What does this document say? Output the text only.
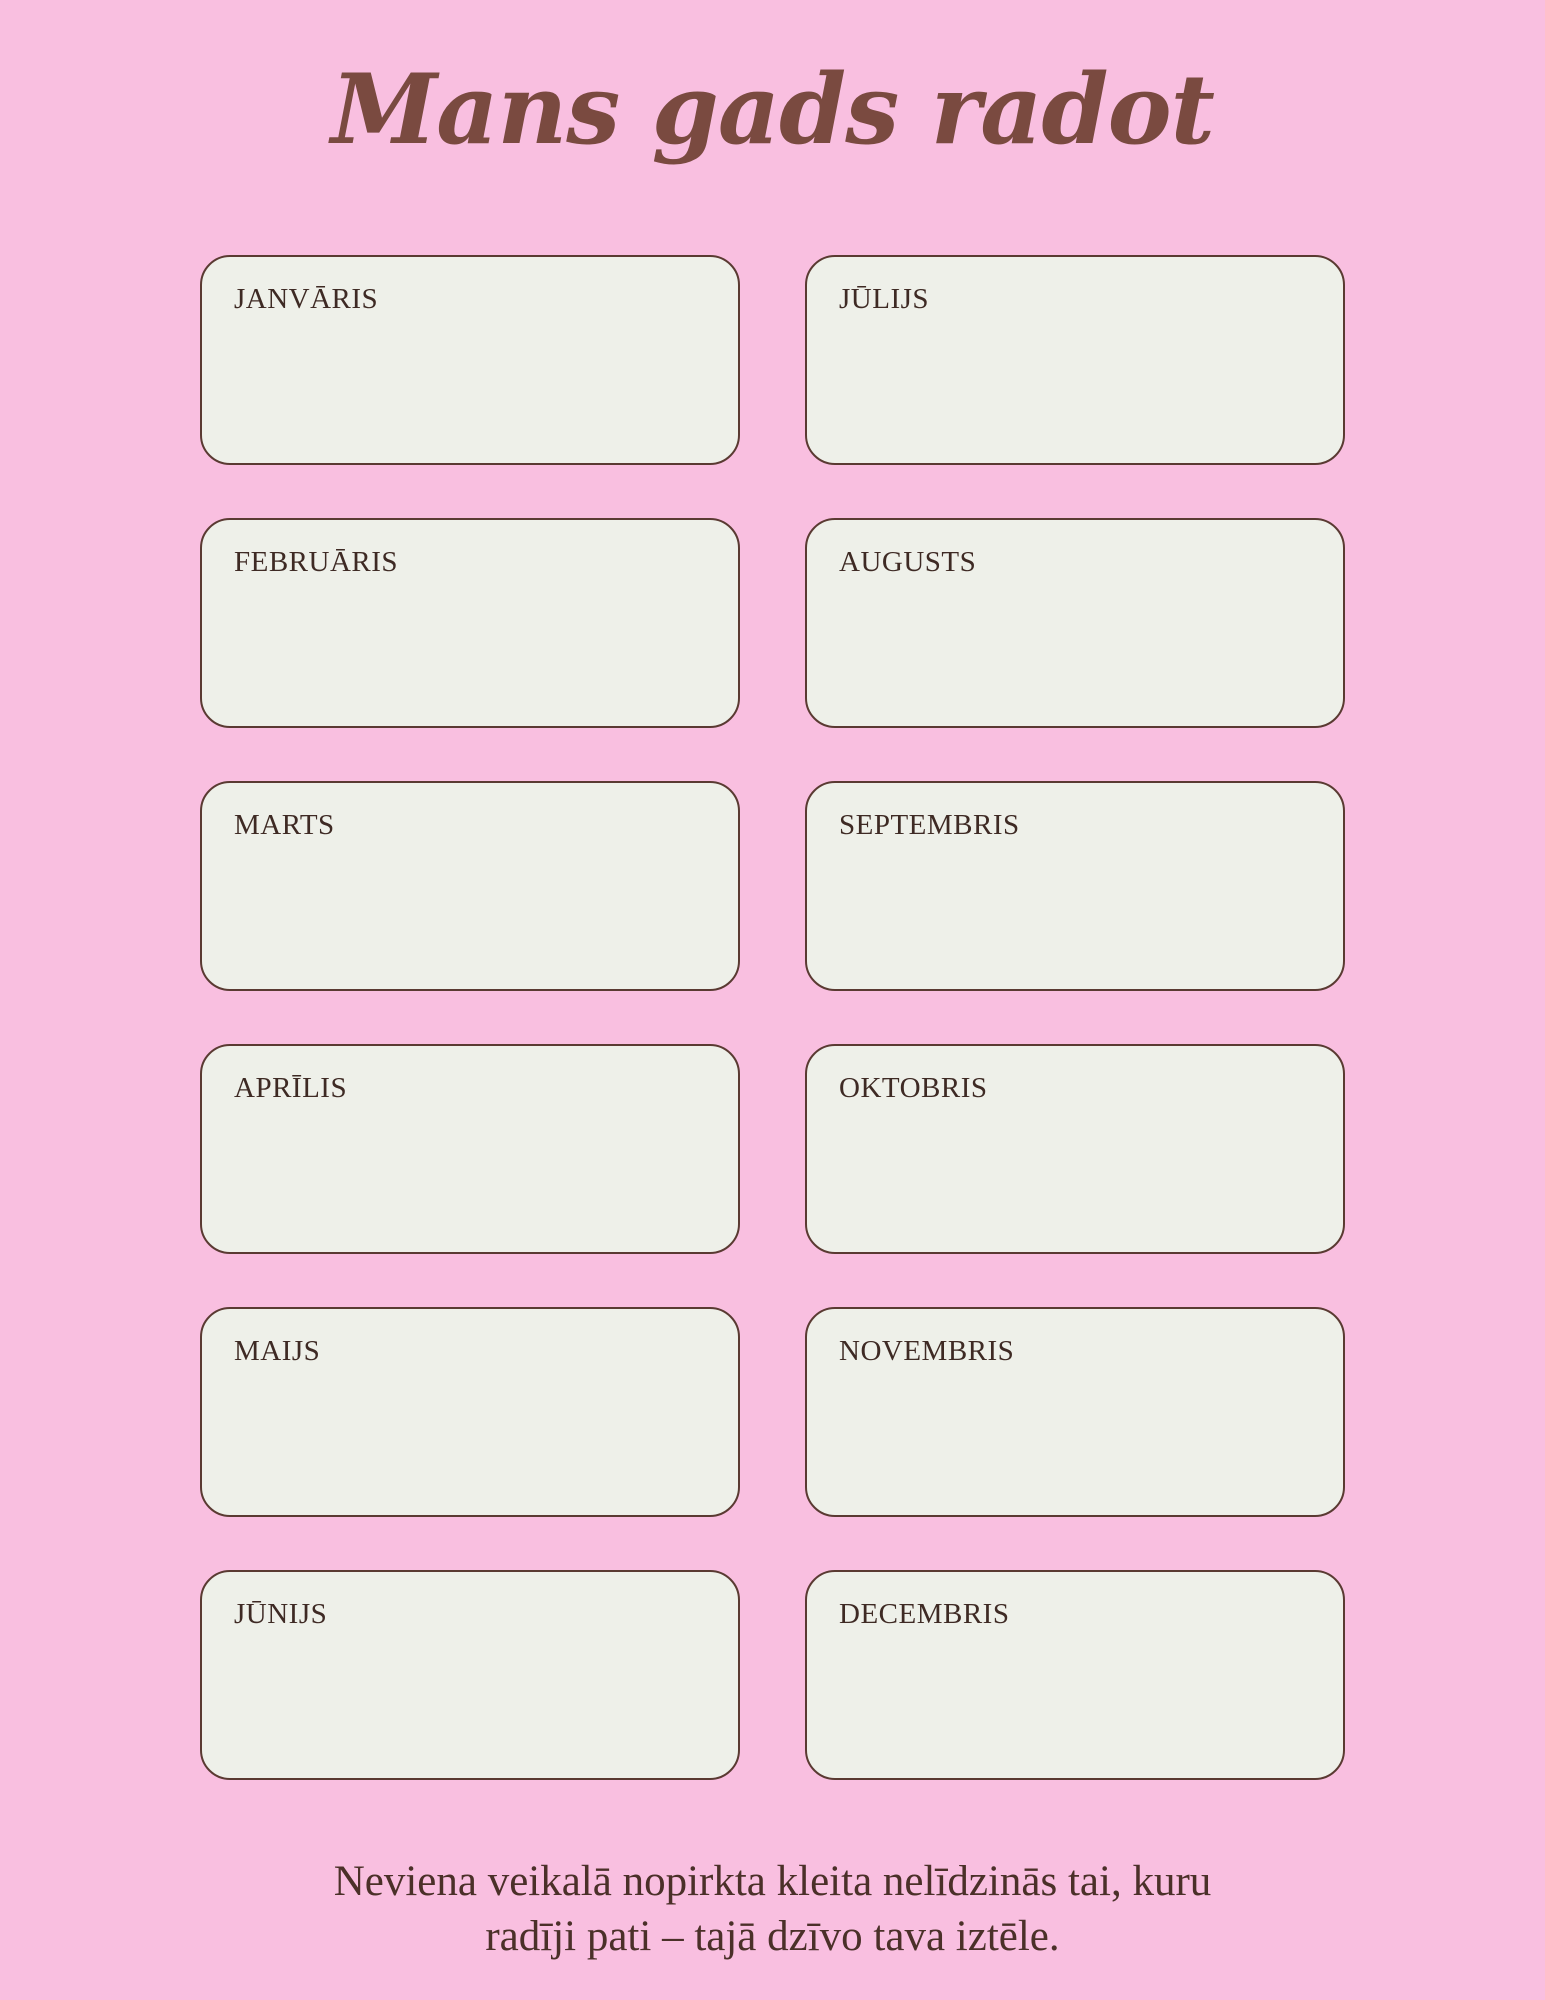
Mans gads radot
JANVĀRIS	JŪLIJS
FEBRUĀRIS	AUGUSTS
MARTS	SEPTEMBRIS
APRĪLIS	OKTOBRIS
MAIJS	NOVEMBRIS
JŪNIJS	DECEMBRIS
Neviena veikalā nopirkta kleita nelīdzinās tai, kuru
radīji pati – tajā dzīvo tava iztēle.
